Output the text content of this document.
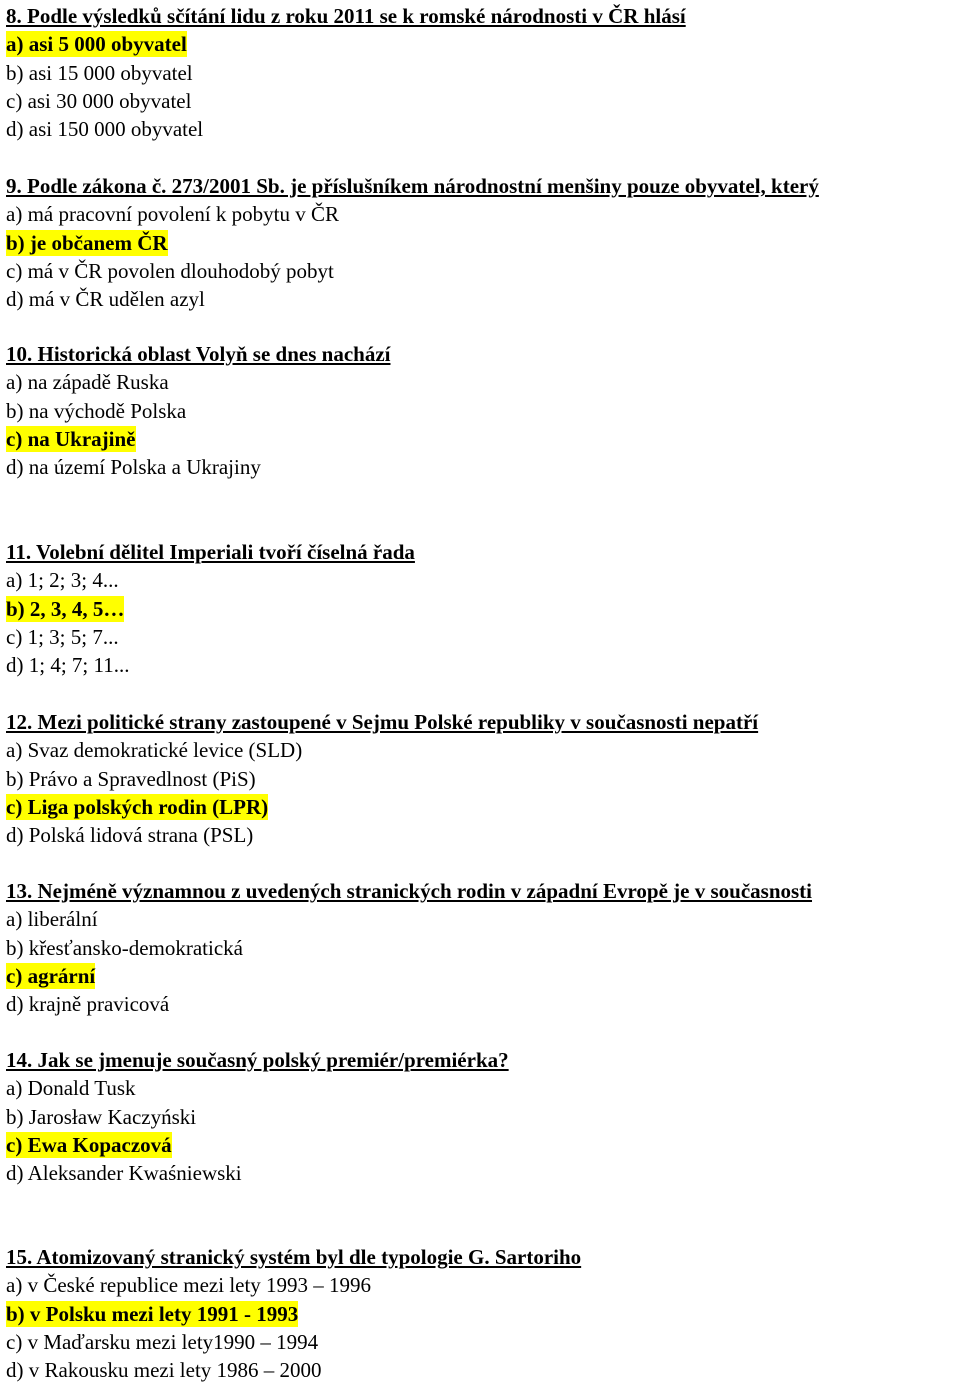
8. Podle výsledků sčítání lidu z roku 2011 se k romské národnosti v ČR hlásí
a) asi 5 000 obyvatel
b) asi 15 000 obyvatel
c) asi 30 000 obyvatel
d) asi 150 000 obyvatel
9. Podle zákona č. 273/2001 Sb. je příslušníkem národnostní menšiny pouze obyvatel, který
a) má pracovní povolení k pobytu v ČR
b) je občanem ČR
c) má v ČR povolen dlouhodobý pobyt
d) má v ČR udělen azyl
10. Historická oblast Volyň se dnes nachází
a) na západě Ruska
b) na východě Polska
c) na Ukrajině
d) na území Polska a Ukrajiny
11. Volební dělitel Imperiali tvoří číselná řada
a) 1; 2; 3; 4...
b) 2, 3, 4, 5…
c) 1; 3; 5; 7...
d) 1; 4; 7; 11...
12. Mezi politické strany zastoupené v Sejmu Polské republiky v současnosti nepatří
a) Svaz demokratické levice (SLD)
b) Právo a Spravedlnost (PiS)
c) Liga polských rodin (LPR)
d) Polská lidová strana (PSL)
13. Nejméně významnou z uvedených stranických rodin v západní Evropě je v současnosti
a) liberální
b) křesťansko-demokratická
c) agrární
d) krajně pravicová
14. Jak se jmenuje současný polský premiér/premiérka?
a) Donald Tusk
b) Jarosław Kaczyński
c) Ewa Kopaczová
d) Aleksander Kwaśniewski
15. Atomizovaný stranický systém byl dle typologie G. Sartoriho
a) v České republice mezi lety 1993 – 1996
b) v Polsku mezi lety 1991 - 1993
c) v Maďarsku mezi lety1990 – 1994
d) v Rakousku mezi lety 1986 – 2000
